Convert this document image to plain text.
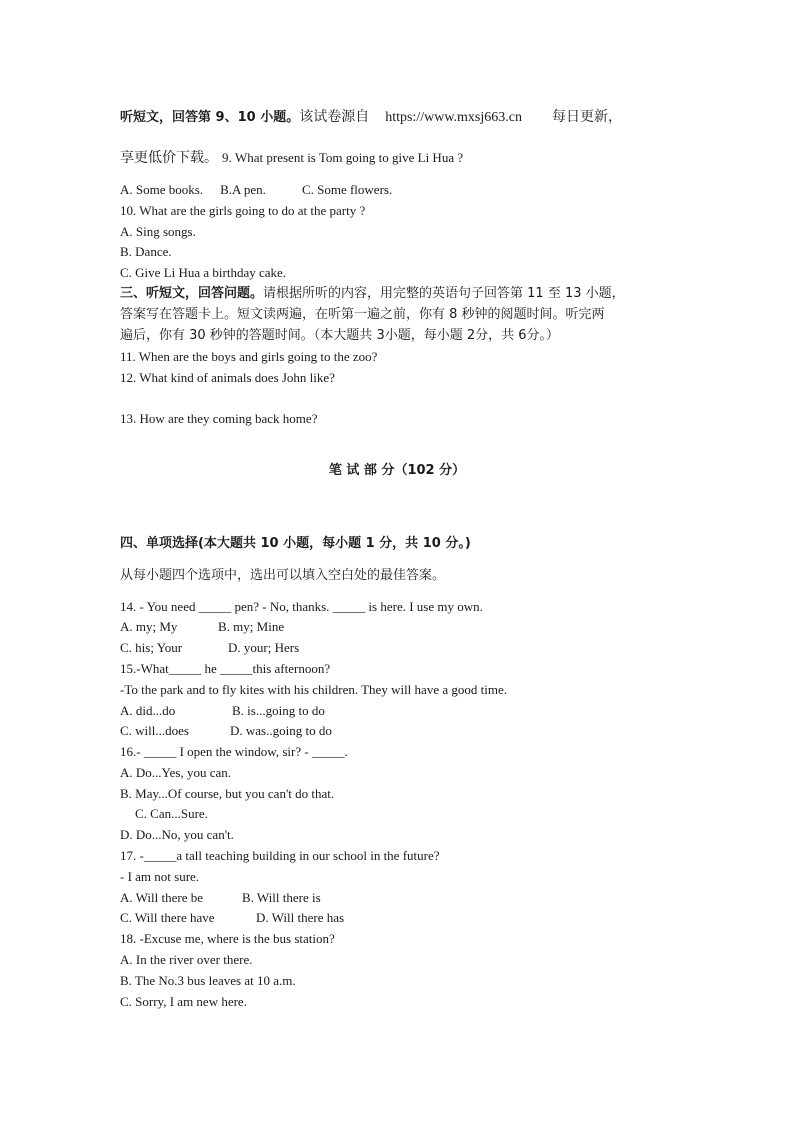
听短文，回答第 9、10 小题。该试卷源自 https://www.mxsj663.cn 每日更新，
享更低价下载。 9. What present is Tom going to give Li Hua ?
A. Some books. B.A pen.	C. Some flowers.
10. What are the girls going to do at the party ?
A. Sing songs.
B. Dance.
C. Give Li Hua a birthday cake.
三、听短文，回答问题。请根据所听的内容，用完整的英语句子回答第 11 至 13 小题，
答案写在答题卡上。短文读两遍，在听第一遍之前，你有 8 秒钟的阅题时间。听完两
遍后，你有 30 秒钟的答题时间。（本大题共 3小题，每小题 2分，共 6分。）
11. When are the boys and girls going to the zoo?
12. What kind of animals does John like?
13. How are they coming back home?
笔 试 部 分（102 分）
四、单项选择(本大题共 10 小题，每小题 1 分，共 10 分。)
从每小题四个选项中，选出可以填入空白处的最佳答案。
14. - You need _____ pen? - No, thanks. _____ is here. I use my own.
A. my; My	B. my; Mine
C. his; Your	D. your; Hers
15.-What_____ he _____this afternoon?
-To the park and to fly kites with his children. They will have a good time.
A. did...do	B. is...going to do
C. will...does	D. was..going to do
16.- _____ I open the window, sir? - _____.
A. Do...Yes, you can.
B. May...Of course, but you can't do that.
C. Can...Sure.
D. Do...No, you can't.
17. -_____a tall teaching building in our school in the future?
- I am not sure.
A. Will there be	B. Will there is
C. Will there have	D. Will there has
18. -Excuse me, where is the bus station?
A. In the river over there.
B. The No.3 bus leaves at 10 a.m.
C. Sorry, I am new here.
